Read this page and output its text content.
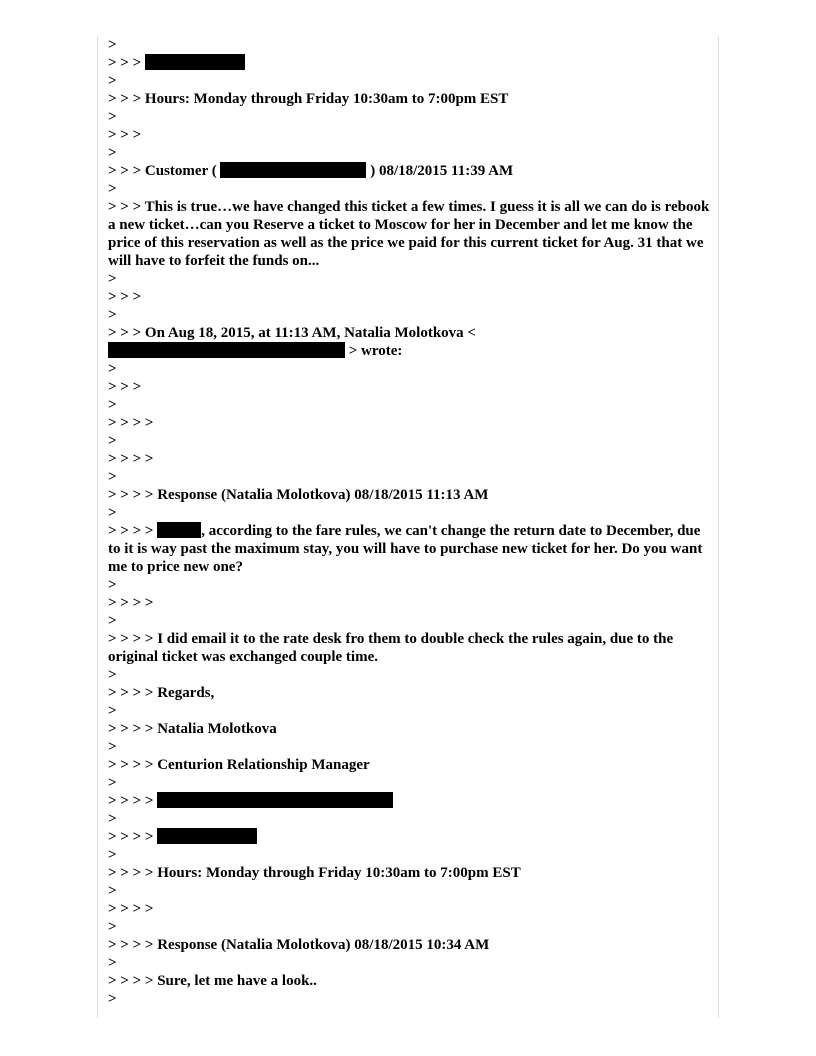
>
> > >
>
> > > Hours: Monday through Friday 10:30am to 7:00pm EST
>
> > >
>
> > > Customer (	) 08/18/2015 11:39 AM
>
> > > This is true…we have changed this ticket a few times. I guess it is all we can do is rebook a new ticket…can you Reserve a ticket to Moscow for her in December and let me know the price of this reservation as well as the price we paid for this current ticket for Aug. 31 that we will have to forfeit the funds on...
>
> > >
>
> > > On Aug 18, 2015, at 11:13 AM, Natalia Molotkova <
> wrote:
>
> > >
>
> > > >
>
> > > >
>
> > > > Response (Natalia Molotkova) 08/18/2015 11:13 AM
>
> > > >	, according to the fare rules, we can't change the return date to December, due to it is way past the maximum stay, you will have to purchase new ticket for her. Do you want me to price new one?
>
> > > >
>
> > > > I did email it to the rate desk fro them to double check the rules again, due to the original ticket was exchanged couple time.
>
> > > > Regards,
>
> > > > Natalia Molotkova
>
> > > > Centurion Relationship Manager
>
> > > >
>
> > > >
>
> > > > Hours: Monday through Friday 10:30am to 7:00pm EST
>
> > > >
>
> > > > Response (Natalia Molotkova) 08/18/2015 10:34 AM
>
> > > > Sure, let me have a look..
>
